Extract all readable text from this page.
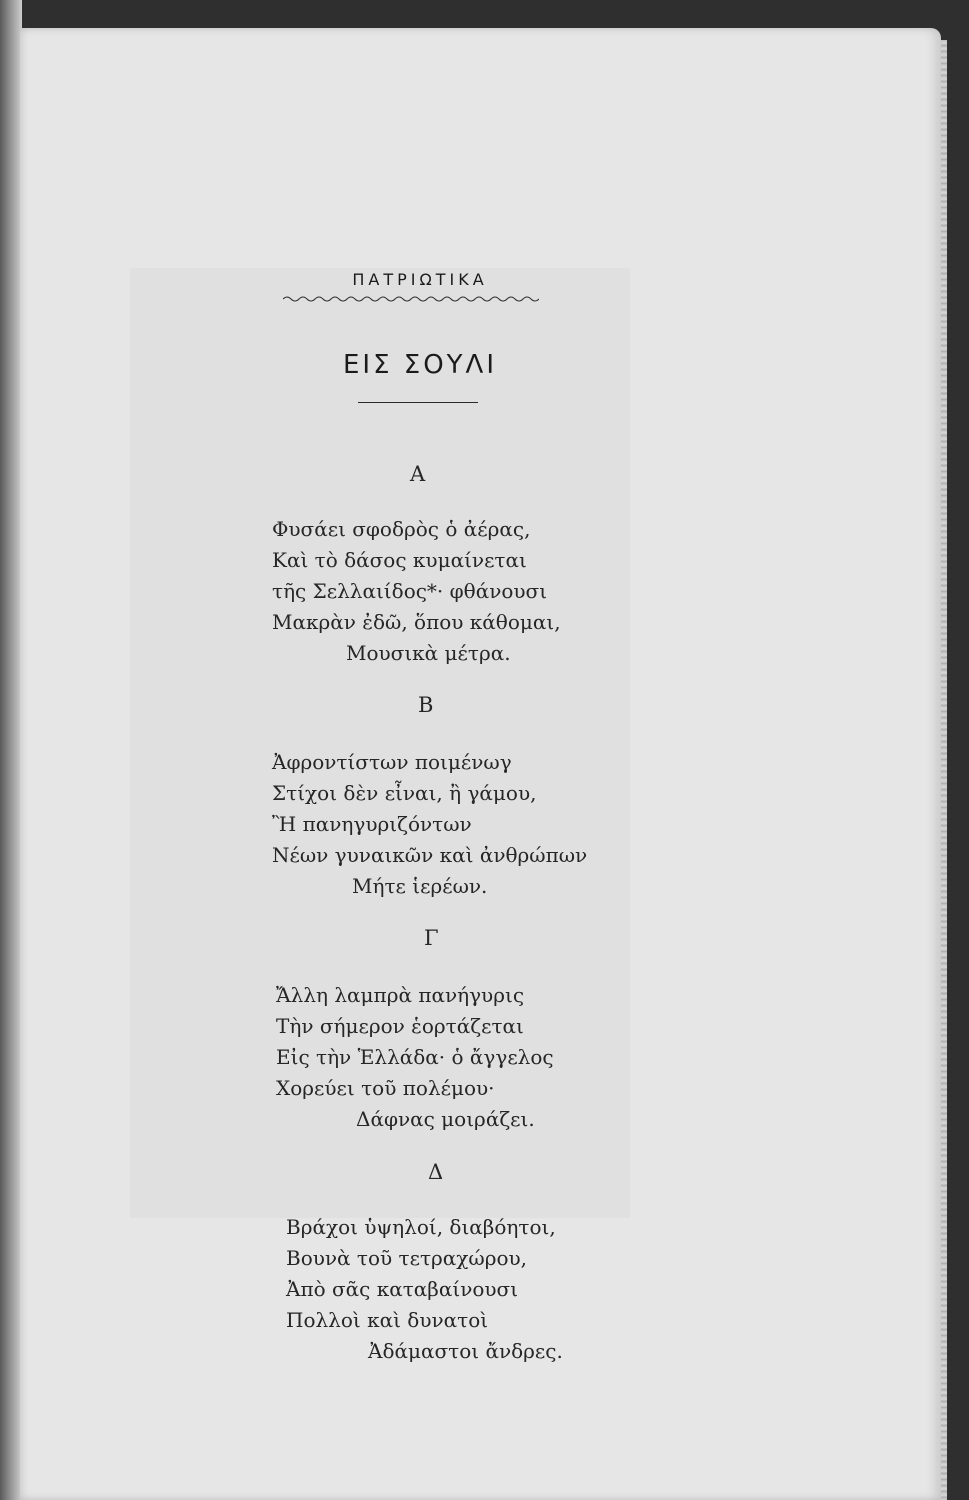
ΠΑΤΡΙΩΤΙΚΑ
ΕΙΣ ΣΟΥΛΙ
Α
Φυσάει σφοδρὸς ὁ ἀέρας,
Καὶ τὸ δάσος κυμαίνεται
τῆς Σελλαιίδος*· φθάνουσι
Μακρὰν ἐδῶ, ὅπου κάθομαι,
Μουσικὰ μέτρα.
Β
Ἀφροντίστων ποιμένωγ
Στίχοι δὲν εἶναι, ἢ γάμου,
Ἢ πανηγυριζόντων
Νέων γυναικῶν καὶ ἀνθρώπων
Μήτε ἱερέων.
Γ
Ἄλλη λαμπρὰ πανήγυρις
Τὴν σήμερον ἑορτάζεται
Εἰς τὴν Ἑλλάδα· ὁ ἄγγελος
Χορεύει τοῦ πολέμου·
Δάφνας μοιράζει.
Δ
Βράχοι ὑψηλοί, διαβόητοι,
Βουνὰ τοῦ τετραχώρου,
Ἀπὸ σᾶς καταβαίνουσι
Πολλοὶ καὶ δυνατοὶ
Ἀδάμαστοι ἄνδρες.
